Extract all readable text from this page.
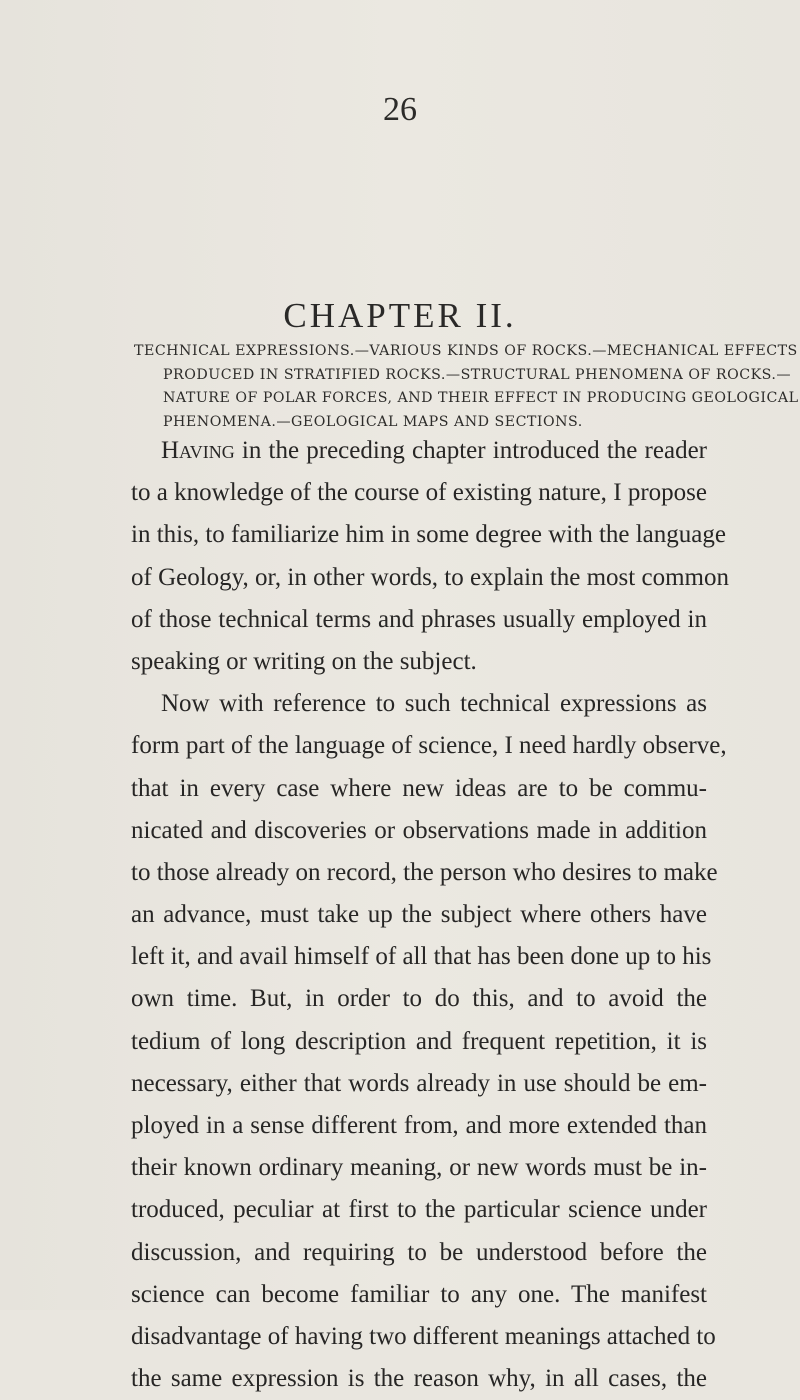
26
CHAPTER II.
TECHNICAL EXPRESSIONS.—VARIOUS KINDS OF ROCKS.—MECHANICAL EFFECTS
PRODUCED IN STRATIFIED ROCKS.—STRUCTURAL PHENOMENA OF ROCKS.—
NATURE OF POLAR FORCES, AND THEIR EFFECT IN PRODUCING GEOLOGICAL
PHENOMENA.—GEOLOGICAL MAPS AND SECTIONS.
Having in the preceding chapter introduced the reader
to a knowledge of the course of existing nature, I propose
in this, to familiarize him in some degree with the language
of Geology, or, in other words, to explain the most common
of those technical terms and phrases usually employed in
speaking or writing on the subject.
Now with reference to such technical expressions as
form part of the language of science, I need hardly observe,
that in every case where new ideas are to be commu-
nicated and discoveries or observations made in addition
to those already on record, the person who desires to make
an advance, must take up the subject where others have
left it, and avail himself of all that has been done up to his
own time. But, in order to do this, and to avoid the
tedium of long description and frequent repetition, it is
necessary, either that words already in use should be em-
ployed in a sense different from, and more extended than
their known ordinary meaning, or new words must be in-
troduced, peculiar at first to the particular science under
discussion, and requiring to be understood before the
science can become familiar to any one. The manifest
disadvantage of having two different meanings attached to
the same expression is the reason why, in all cases, the
